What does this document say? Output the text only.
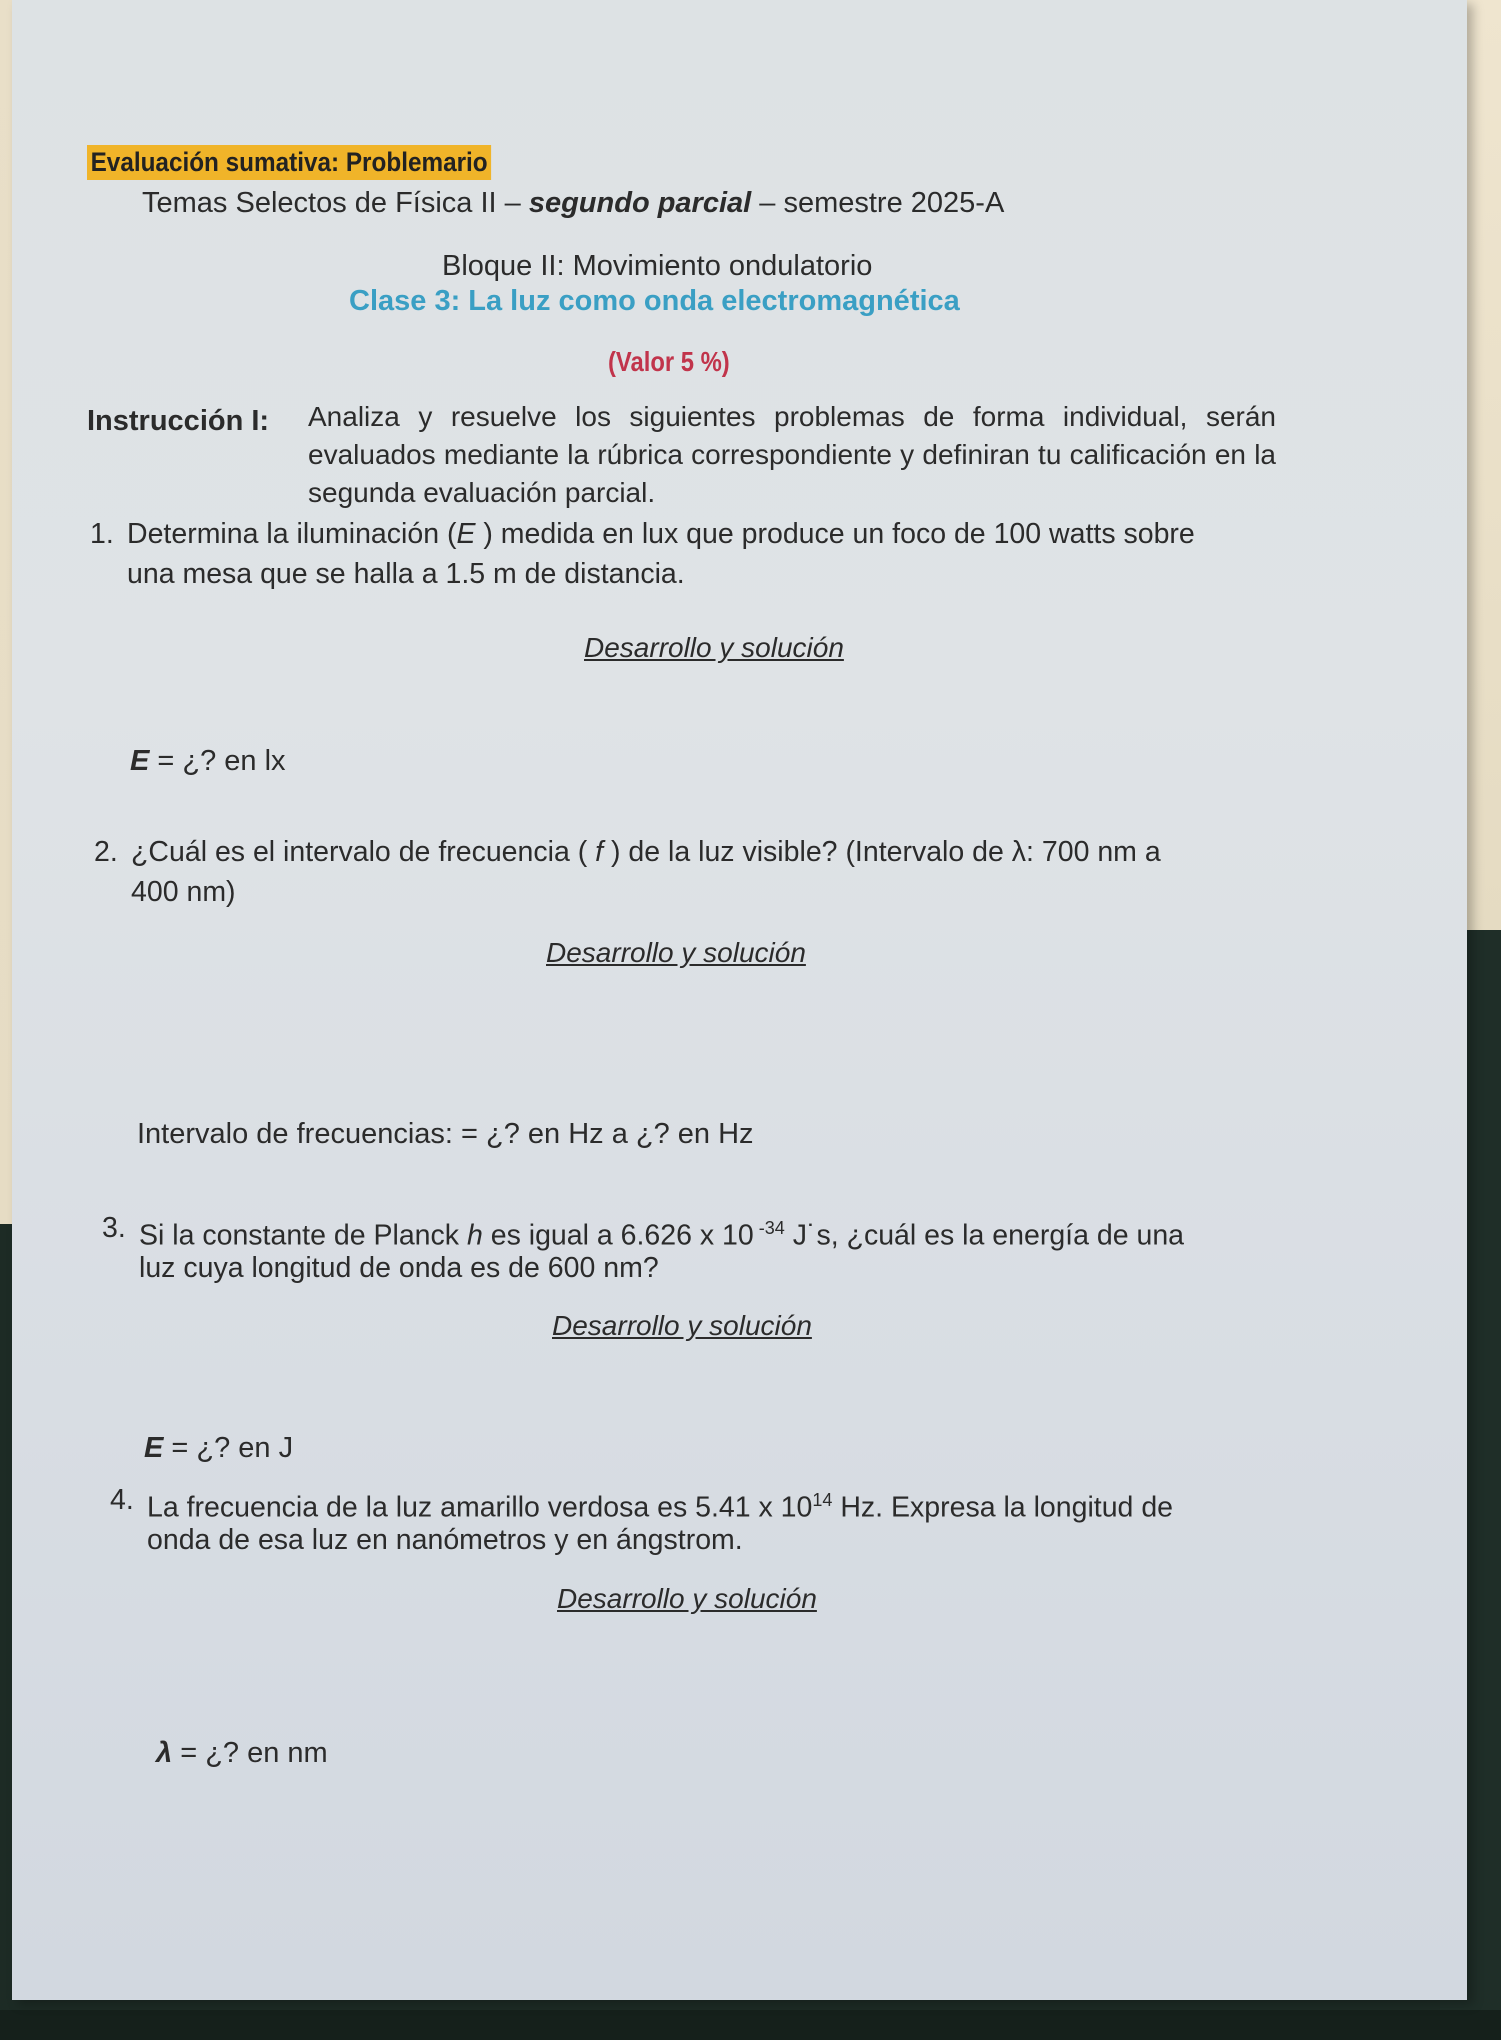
Evaluación sumativa: Problemario
Temas Selectos de Física II – segundo parcial – semestre 2025-A
Bloque II: Movimiento ondulatorio
Clase 3: La luz como onda electromagnética
(Valor 5 %)
Instrucción I: Analiza y resuelve los siguientes problemas de forma individual, serán evaluados mediante la rúbrica correspondiente y definiran tu calificación en la segunda evaluación parcial.
1. Determina la iluminación (E ) medida en lux que produce un foco de 100 watts sobre
una mesa que se halla a 1.5 m de distancia.
Desarrollo y solución
E = ¿? en lx
2. ¿Cuál es el intervalo de frecuencia ( f ) de la luz visible? (Intervalo de λ: 700 nm a
400 nm)
Desarrollo y solución
Intervalo de frecuencias: = ¿? en Hz a ¿? en Hz
3. Si la constante de Planck h es igual a 6.626 x 10 $^{-34}$ J˙s, ¿cuál es la energía de una
luz cuya longitud de onda es de 600 nm?
Desarrollo y solución
E = ¿? en J
4. La frecuencia de la luz amarillo verdosa es 5.41 x $10^{14}$ Hz. Expresa la longitud de
onda de esa luz en nanómetros y en ángstrom.
Desarrollo y solución
λ = ¿? en nm
